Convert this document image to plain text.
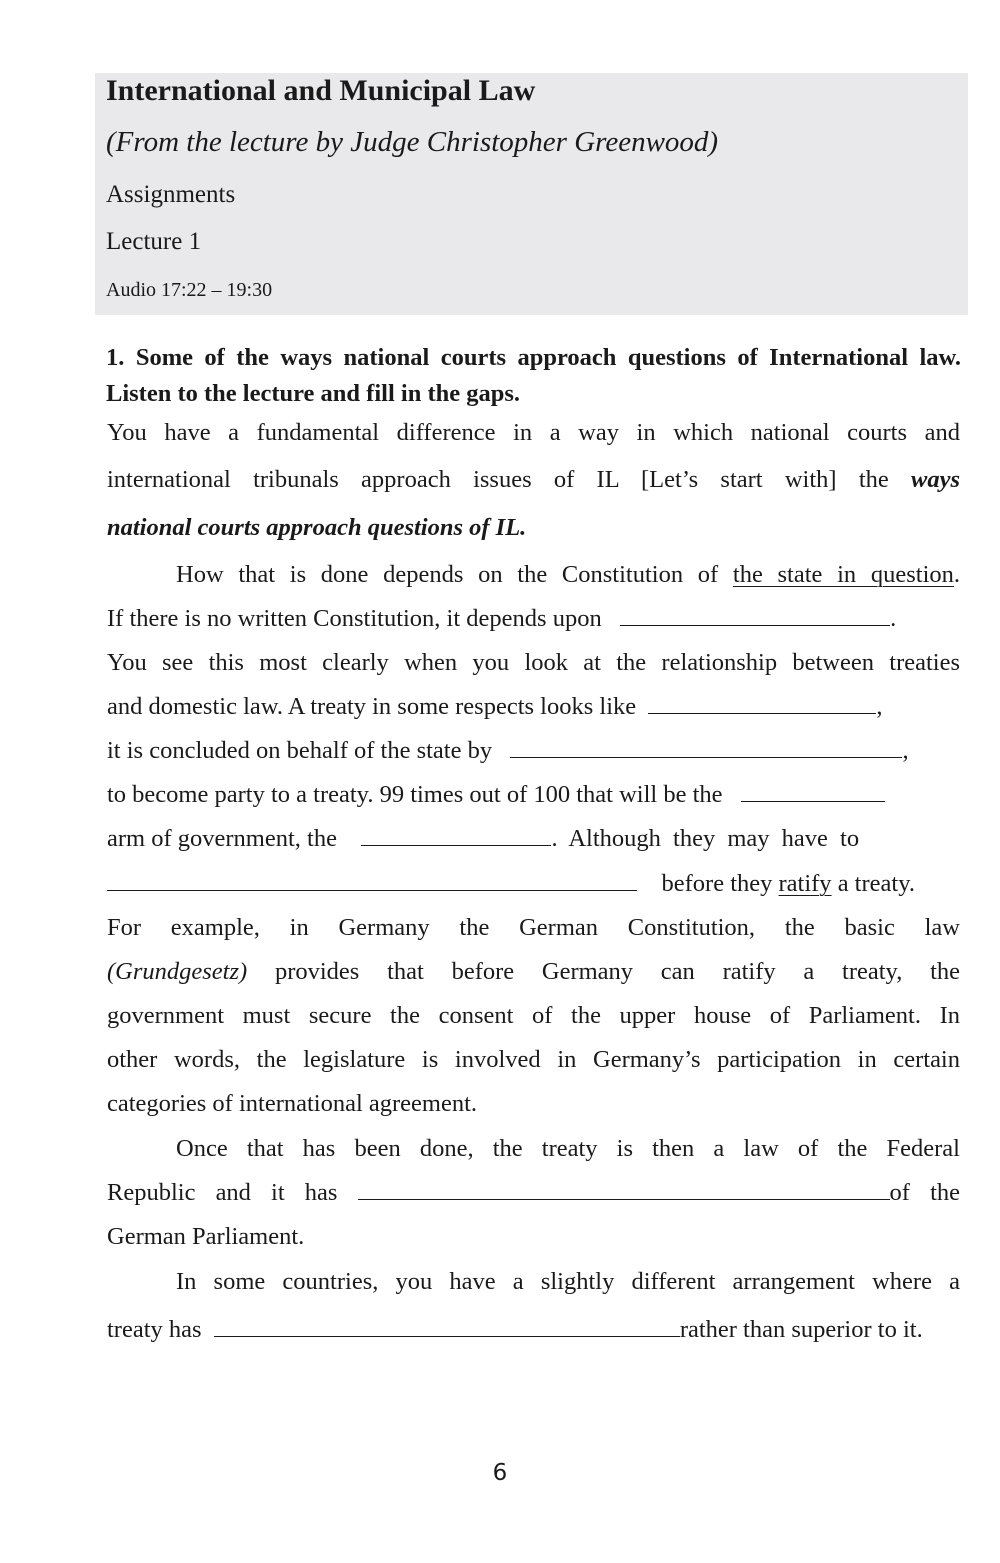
International and Municipal Law
(From the lecture by Judge Christopher Greenwood)
Assignments
Lecture 1
Audio 17:22 – 19:30
1. Some of the ways national courts approach questions of International law.
Listen to the lecture and fill in the gaps.
You have a fundamental difference in a way in which national courts and
international tribunals approach issues of IL [Let’s start with] the ways
national courts approach questions of IL.
How that is done depends on the Constitution of the state in question.
If there is no written Constitution, it depends upon	.
You see this most clearly when you look at the relationship between treaties
and domestic law. A treaty in some respects looks like	,
it is concluded on behalf of the state by	,
to become party to a treaty. 99 times out of 100 that will be the
arm of government, the	. Although they may have to
before they ratify a treaty.
For example, in Germany the German Constitution, the basic law
(Grundgesetz) provides that before Germany can ratify a treaty, the
government must secure the consent of the upper house of Parliament. In
other words, the legislature is involved in Germany’s participation in certain
categories of international agreement.
Once that has been done, the treaty is then a law of the Federal
Republic and it has	of the
German Parliament.
In some countries, you have a slightly different arrangement where a
treaty has	rather than superior to it.
6
